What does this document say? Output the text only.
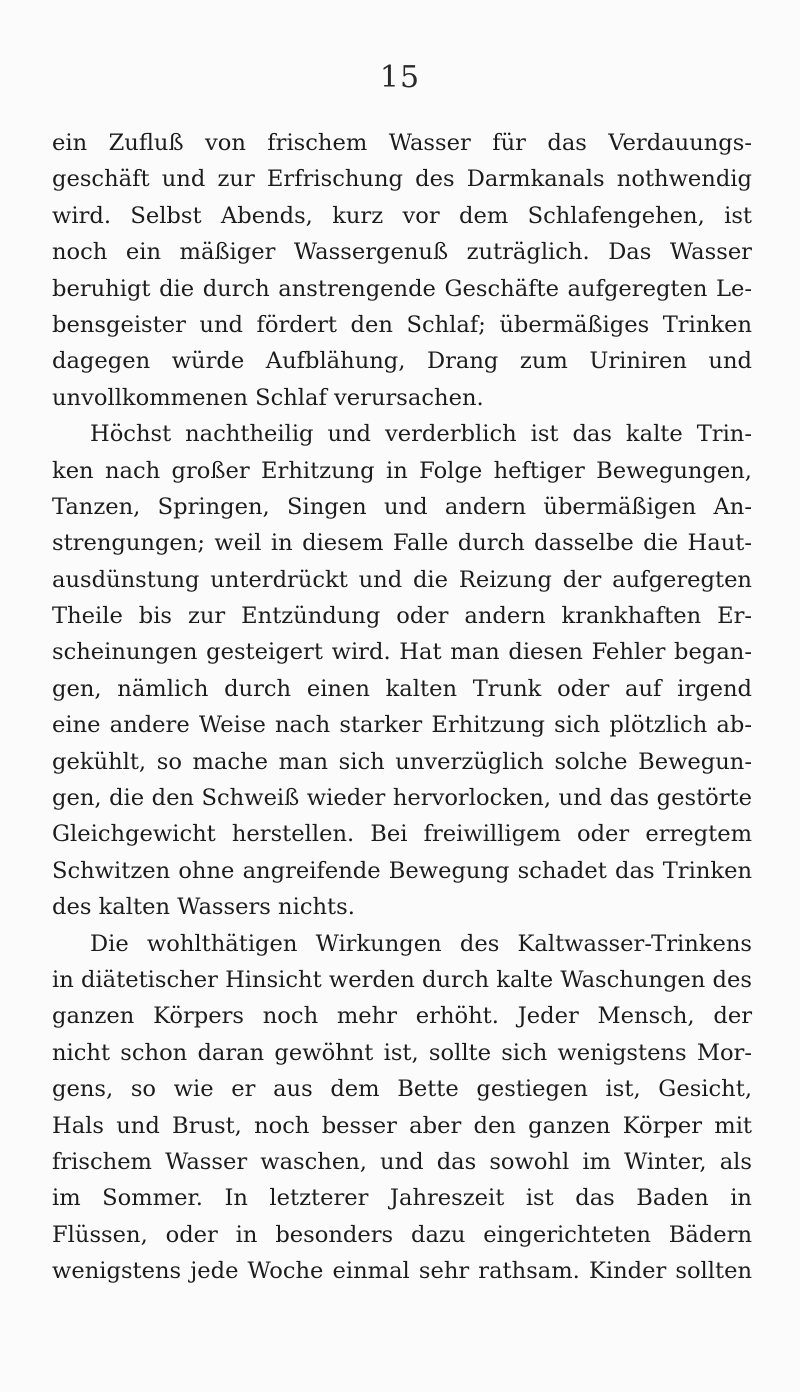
15
ein Zufluß von frischem Wasser für das Verdauungs-
geschäft und zur Erfrischung des Darmkanals nothwendig
wird. Selbst Abends, kurz vor dem Schlafengehen, ist
noch ein mäßiger Wassergenuß zuträglich. Das Wasser
beruhigt die durch anstrengende Geschäfte aufgeregten Le-
bensgeister und fördert den Schlaf; übermäßiges Trinken
dagegen würde Aufblähung, Drang zum Uriniren und
unvollkommenen Schlaf verursachen.
Höchst nachtheilig und verderblich ist das kalte Trin-
ken nach großer Erhitzung in Folge heftiger Bewegungen,
Tanzen, Springen, Singen und andern übermäßigen An-
strengungen; weil in diesem Falle durch dasselbe die Haut-
ausdünstung unterdrückt und die Reizung der aufgeregten
Theile bis zur Entzündung oder andern krankhaften Er-
scheinungen gesteigert wird. Hat man diesen Fehler began-
gen, nämlich durch einen kalten Trunk oder auf irgend
eine andere Weise nach starker Erhitzung sich plötzlich ab-
gekühlt, so mache man sich unverzüglich solche Bewegun-
gen, die den Schweiß wieder hervorlocken, und das gestörte
Gleichgewicht herstellen. Bei freiwilligem oder erregtem
Schwitzen ohne angreifende Bewegung schadet das Trinken
des kalten Wassers nichts.
Die wohlthätigen Wirkungen des Kaltwasser-Trinkens
in diätetischer Hinsicht werden durch kalte Waschungen des
ganzen Körpers noch mehr erhöht. Jeder Mensch, der
nicht schon daran gewöhnt ist, sollte sich wenigstens Mor-
gens, so wie er aus dem Bette gestiegen ist, Gesicht,
Hals und Brust, noch besser aber den ganzen Körper mit
frischem Wasser waschen, und das sowohl im Winter, als
im Sommer. In letzterer Jahreszeit ist das Baden in
Flüssen, oder in besonders dazu eingerichteten Bädern
wenigstens jede Woche einmal sehr rathsam. Kinder sollten
